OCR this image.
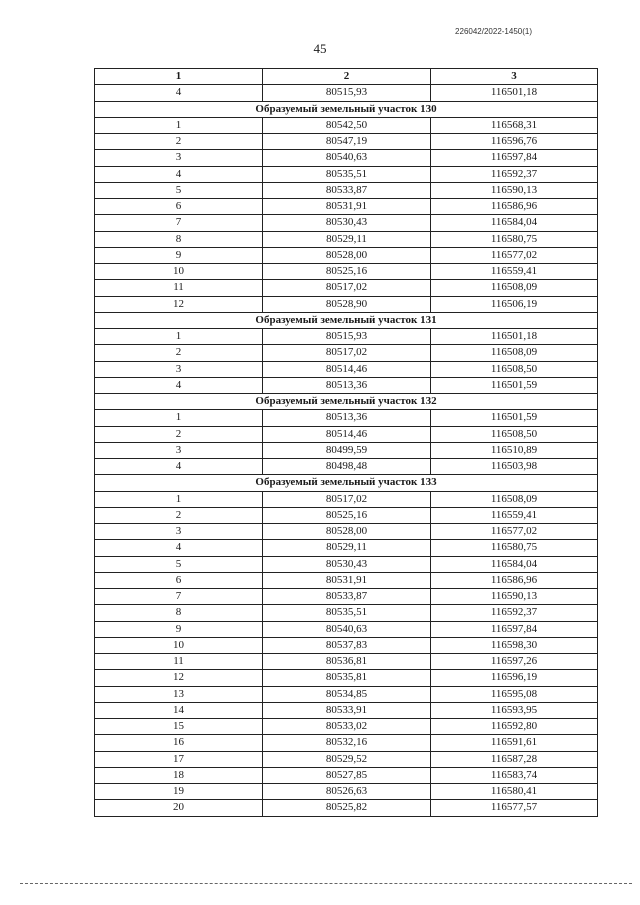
226042/2022-1450(1)
45
1	2	3
4	80515,93	116501,18
Образуемый земельный участок 130		
1	80542,50	116568,31
2	80547,19	116596,76
3	80540,63	116597,84
4	80535,51	116592,37
5	80533,87	116590,13
6	80531,91	116586,96
7	80530,43	116584,04
8	80529,11	116580,75
9	80528,00	116577,02
10	80525,16	116559,41
11	80517,02	116508,09
12	80528,90	116506,19
Образуемый земельный участок 131		
1	80515,93	116501,18
2	80517,02	116508,09
3	80514,46	116508,50
4	80513,36	116501,59
Образуемый земельный участок 132		
1	80513,36	116501,59
2	80514,46	116508,50
3	80499,59	116510,89
4	80498,48	116503,98
Образуемый земельный участок 133		
1	80517,02	116508,09
2	80525,16	116559,41
3	80528,00	116577,02
4	80529,11	116580,75
5	80530,43	116584,04
6	80531,91	116586,96
7	80533,87	116590,13
8	80535,51	116592,37
9	80540,63	116597,84
10	80537,83	116598,30
11	80536,81	116597,26
12	80535,81	116596,19
13	80534,85	116595,08
14	80533,91	116593,95
15	80533,02	116592,80
16	80532,16	116591,61
17	80529,52	116587,28
18	80527,85	116583,74
19	80526,63	116580,41
20	80525,82	116577,57
